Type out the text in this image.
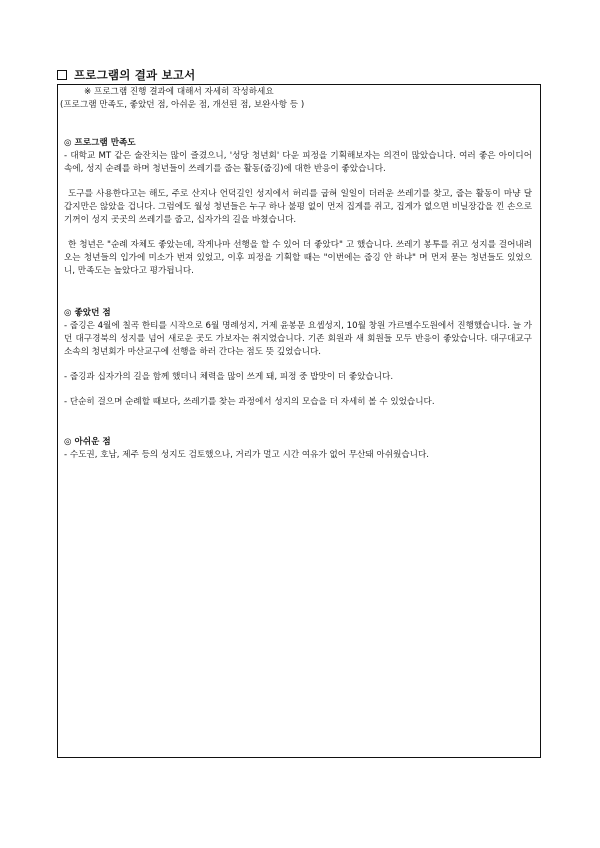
프로그램의 결과 보고서
※ 프로그램 진행 결과에 대해서 자세히 작성하세요
(프로그램 만족도, 좋았던 점, 아쉬운 점, 개선된 점, 보완사항 등 )

◎ 프로그램 만족도

- 대학교 MT 같은 술잔치는 많이 즐겼으니, '성당 청년회' 다운 피정을 기획해보자는 의견이 많았습니다. 여러 좋은 아이디어 속에, 성지 순례를 하며 청년들이 쓰레기를 줍는 활동(줍깅)에 대한 반응이 좋았습니다.

도구를 사용한다고는 해도, 주로 산지나 언덕길인 성지에서 허리를 굽혀 일일이 더러운 쓰레기를 찾고, 줍는 활동이 마냥 달갑지만은 않았을 겁니다. 그럼에도 월성 청년들은 누구 하나 불평 없이 먼저 집게를 쥐고, 집게가 없으면 비닐장갑을 낀 손으로 기꺼이 성지 곳곳의 쓰레기를 줍고, 십자가의 길을 바쳤습니다.

한 청년은 "순례 자체도 좋았는데, 작게나마 선행을 할 수 있어 더 좋았다" 고 했습니다. 쓰레기 봉투를 쥐고 성지를 걸어내려오는 청년들의 입가에 미소가 번져 있었고, 이후 피정을 기획할 때는 "이번에는 줍깅 안 하냐" 며 먼저 묻는 청년들도 있었으니, 만족도는 높았다고 평가됩니다.

◎ 좋았던 점

- 줍깅은 4월에 칠곡 한티를 시작으로 6월 명례성지, 거제 윤봉문 요셉성지, 10월 창원 가르멜수도원에서 진행했습니다. 늘 가던 대구경북의 성지를 넘어 새로운 곳도 가보자는 취지였습니다. 기존 회원과 새 회원들 모두 반응이 좋았습니다. 대구대교구 소속의 청년회가 마산교구에 선행을 하러 간다는 점도 뜻 깊었습니다.

- 줍깅과 십자가의 길을 함께 했더니 체력을 많이 쓰게 돼, 피정 중 밥맛이 더 좋았습니다.

- 단순히 걸으며 순례할 때보다, 쓰레기를 찾는 과정에서 성지의 모습을 더 자세히 볼 수 있었습니다.

◎ 아쉬운 점

- 수도권, 호남, 제주 등의 성지도 검토했으나, 거리가 멀고 시간 여유가 없어 무산돼 아쉬웠습니다.
